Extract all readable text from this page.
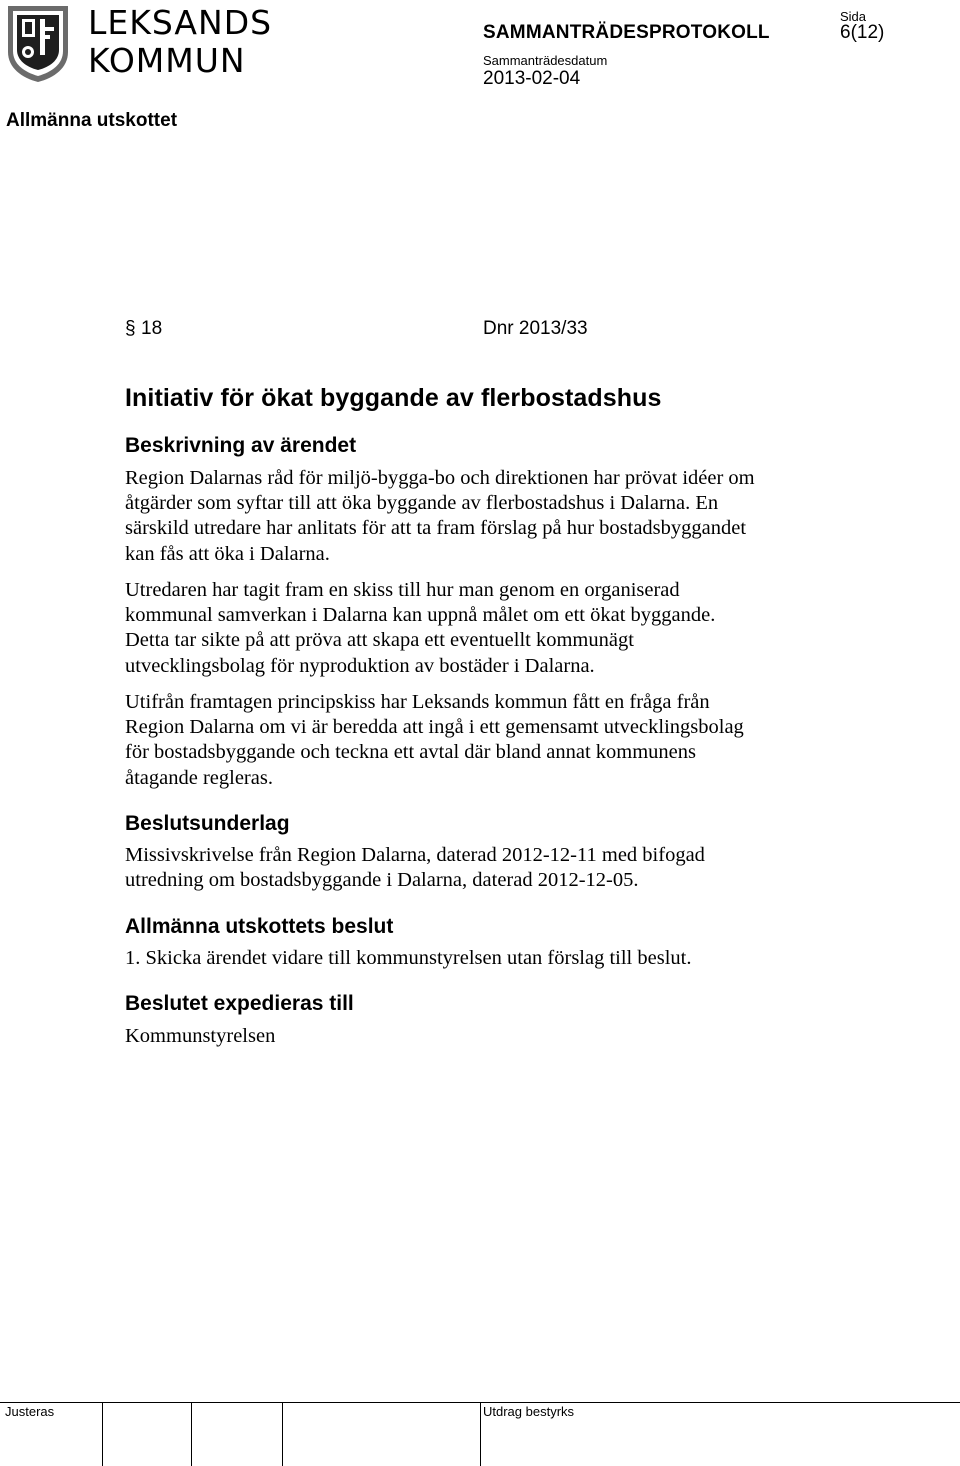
LEKSANDS
KOMMUN
SAMMANTRÄDESPROTOKOLL
Sida
6(12)
Sammanträdesdatum
2013-02-04
Allmänna utskottet
§ 18	Dnr 2013/33
Initiativ för ökat byggande av flerbostadshus
Beskrivning av ärendet
Region Dalarnas råd för miljö-bygga-bo och direktionen har prövat idéer om
åtgärder som syftar till att öka byggande av flerbostadshus i Dalarna. En
särskild utredare har anlitats för att ta fram förslag på hur bostadsbyggandet
kan fås att öka i Dalarna.
Utredaren har tagit fram en skiss till hur man genom en organiserad
kommunal samverkan i Dalarna kan uppnå målet om ett ökat byggande.
Detta tar sikte på att pröva att skapa ett eventuellt kommunägt
utvecklingsbolag för nyproduktion av bostäder i Dalarna.
Utifrån framtagen principskiss har Leksands kommun fått en fråga från
Region Dalarna om vi är beredda att ingå i ett gemensamt utvecklingsbolag
för bostadsbyggande och teckna ett avtal där bland annat kommunens
åtagande regleras.
Beslutsunderlag
Missivskrivelse från Region Dalarna, daterad 2012-12-11 med bifogad
utredning om bostadsbyggande i Dalarna, daterad 2012-12-05.
Allmänna utskottets beslut
1. Skicka ärendet vidare till kommunstyrelsen utan förslag till beslut.
Beslutet expedieras till
Kommunstyrelsen
Justeras	Utdrag bestyrks
